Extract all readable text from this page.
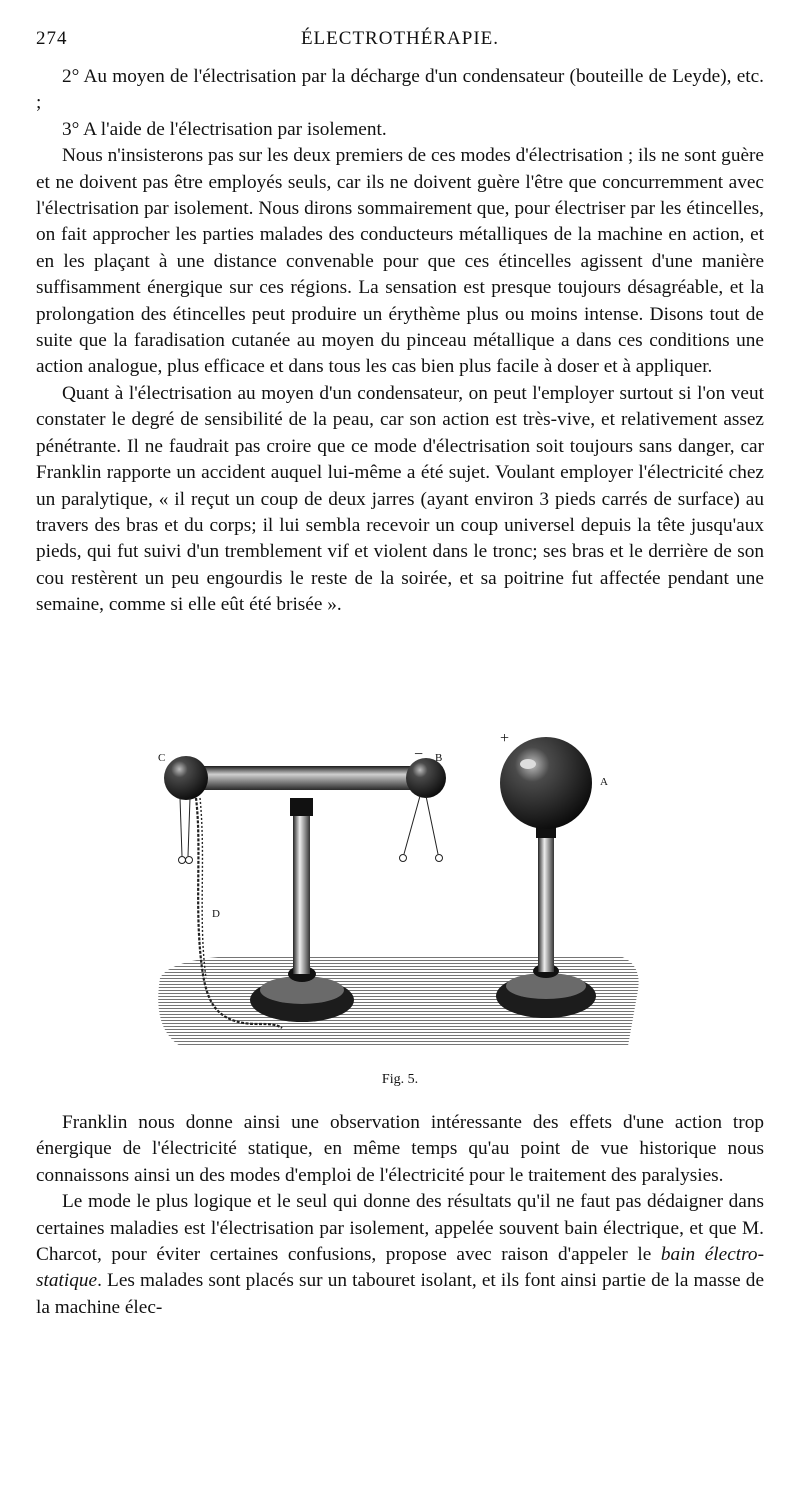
274	ÉLECTROTHÉRAPIE.

2° Au moyen de l'électrisation par la décharge d'un condensateur (bouteille de Leyde), etc. ;

3° A l'aide de l'électrisation par isolement.

Nous n'insisterons pas sur les deux premiers de ces modes d'électrisation ; ils ne sont guère et ne doivent pas être employés seuls, car ils ne doivent guère l'être que concurremment avec l'électrisation par isolement. Nous dirons sommairement que, pour électriser par les étincelles, on fait approcher les parties malades des conducteurs métalliques de la machine en action, et en les plaçant à une distance convenable pour que ces étincelles agissent d'une manière suffisamment énergique sur ces régions. La sensation est presque toujours désagréable, et la prolongation des étincelles peut produire un érythème plus ou moins intense. Disons tout de suite que la faradisation cutanée au moyen du pinceau métallique a dans ces conditions une action analogue, plus efficace et dans tous les cas bien plus facile à doser et à appliquer.

Quant à l'électrisation au moyen d'un condensateur, on peut l'employer surtout si l'on veut constater le degré de sensibilité de la peau, car son action est très-vive, et relativement assez pénétrante. Il ne faudrait pas croire que ce mode d'électrisation soit toujours sans danger, car Franklin rapporte un accident auquel lui-même a été sujet. Voulant employer l'électricité chez un paralytique, « il reçut un coup de deux jarres (ayant environ 3 pieds carrés de surface) au travers des bras et du corps; il lui sembla recevoir un coup universel depuis la tête jusqu'aux pieds, qui fut suivi d'un tremblement vif et violent dans le tronc; ses bras et le derrière de son cou restèrent un peu engourdis le reste de la soirée, et sa poitrine fut affectée pendant une semaine, comme si elle eût été brisée ».

C	− B
+
A
D
Fig. 5.

Franklin nous donne ainsi une observation intéressante des effets d'une action trop énergique de l'électricité statique, en même temps qu'au point de vue historique nous connaissons ainsi un des modes d'emploi de l'électricité pour le traitement des paralysies.

Le mode le plus logique et le seul qui donne des résultats qu'il ne faut pas dédaigner dans certaines maladies est l'électrisation par isolement, appelée souvent bain électrique, et que M. Charcot, pour éviter certaines confusions, propose avec raison d'appeler le bain électro-statique. Les malades sont placés sur un tabouret isolant, et ils font ainsi partie de la masse de la machine élec-
